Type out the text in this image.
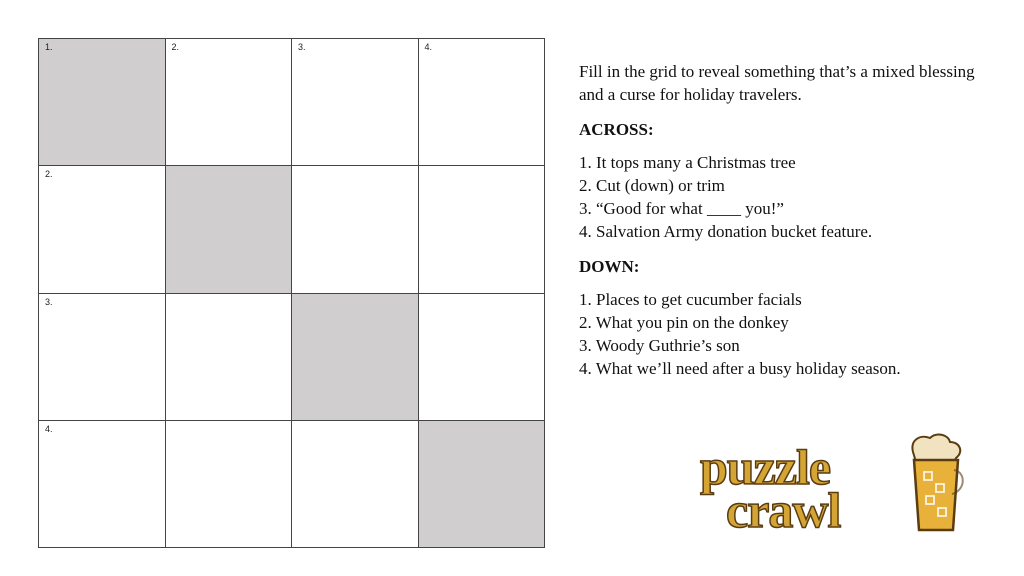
1.	2.	3.	4.
2.
3.
4.

Fill in the grid to reveal something that’s a mixed blessing and a curse for holiday travelers.

ACROSS:
1. It tops many a Christmas tree
2. Cut (down) or trim
3. “Good for what ____ you!”
4. Salvation Army donation bucket feature.
DOWN:
1. Places to get cucumber facials
2. What you pin on the donkey
3. Woody Guthrie’s son
4. What we’ll need after a busy holiday season.
puzzle
crawl
